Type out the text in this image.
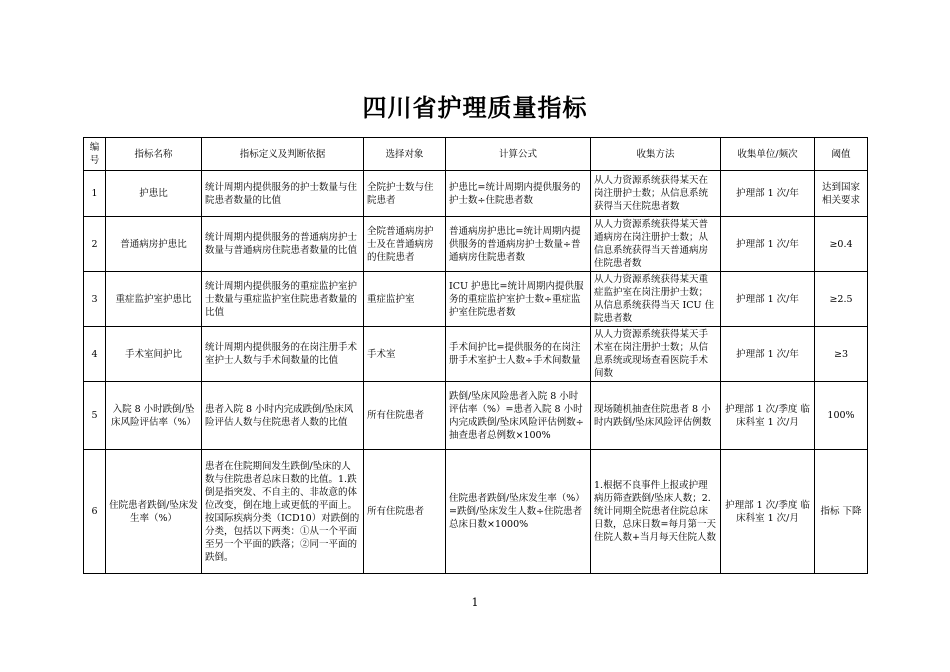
四川省护理质量指标
编号	指标名称	指标定义及判断依据	选择对象	计算公式	收集方法	收集单位/频次	阈值
1	护患比	统计周期内提供服务的护士数量与住院患者数量的比值	全院护士数与住院患者	护患比=统计周期内提供服务的护士数÷住院患者数	从人力资源系统获得某天在岗注册护士数；从信息系统获得当天住院患者数	护理部 1 次/年	达到国家相关要求
2	普通病房护患比	统计周期内提供服务的普通病房护士数量与普通病房住院患者数量的比值	全院普通病房护士及在普通病房的住院患者	普通病房护患比=统计周期内提供服务的普通病房护士数量÷普通病房住院患者数	从人力资源系统获得某天普通病房在岗注册护士数；从信息系统获得当天普通病房住院患者数	护理部 1 次/年	≥0.4
3	重症监护室护患比	统计周期内提供服务的重症监护室护士数量与重症监护室住院患者数量的比值	重症监护室	ICU 护患比=统计周期内提供服务的重症监护室护士数÷重症监护室住院患者数	从人力资源系统获得某天重症监护室在岗注册护士数；从信息系统获得当天 ICU 住院患者数	护理部 1 次/年	≥2.5
4	手术室间护比	统计周期内提供服务的在岗注册手术室护士人数与手术间数量的比值	手术室	手术间护比=提供服务的在岗注册手术室护士人数÷手术间数量	从人力资源系统获得某天手术室在岗注册护士数；从信息系统或现场查看医院手术间数	护理部 1 次/年	≥3
5	入院 8 小时跌倒/坠床风险评估率（%）	患者入院 8 小时内完成跌倒/坠床风险评估人数与住院患者人数的比值	所有住院患者	跌倒/坠床风险患者入院 8 小时评估率（%）=患者入院 8 小时内完成跌倒/坠床风险评估例数÷抽查患者总例数×100%	现场随机抽查住院患者 8 小时内跌倒/坠床风险评估例数	护理部 1 次/季度 临床科室 1 次/月	100%
6	住院患者跌倒/坠床发生率（%）	患者在住院期间发生跌倒/坠床的人数与住院患者总床日数的比值。1.跌倒是指突发、不自主的、非故意的体位改变，倒在地上或更低的平面上。按国际疾病分类（ICD10）对跌倒的分类，包括以下两类：①从一个平面至另一个平面的跌落；②同一平面的跌倒。	所有住院患者	住院患者跌倒/坠床发生率（%）=跌倒/坠床发生人数÷住院患者总床日数×1000%	1.根据不良事件上报或护理病历筛查跌倒/坠床人数；2.统计同期全院患者住院总床日数，总床日数=每月第一天住院人数+当月每天住院人数	护理部 1 次/季度 临床科室 1 次/月	指标 下降
1
